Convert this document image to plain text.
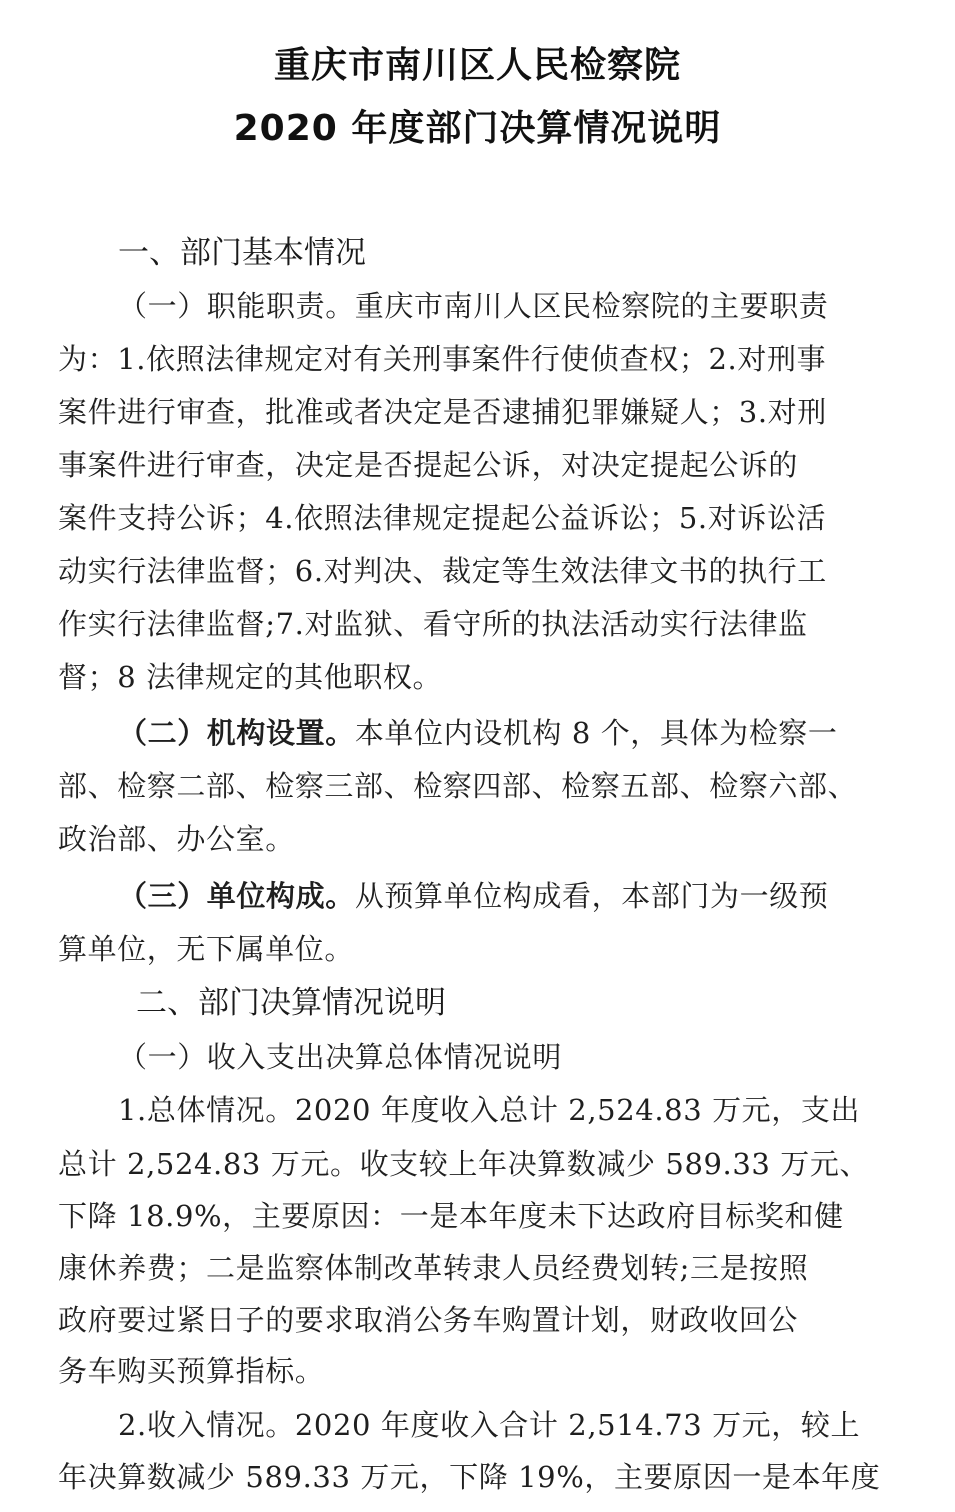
重庆市南川区人民检察院
2020 年度部门决算情况说明
一、部门基本情况
（一）职能职责。重庆市南川人区民检察院的主要职责
为：1.依照法律规定对有关刑事案件行使侦查权；2.对刑事
案件进行审查，批准或者决定是否逮捕犯罪嫌疑人；3.对刑
事案件进行审查，决定是否提起公诉，对决定提起公诉的
案件支持公诉；4.依照法律规定提起公益诉讼；5.对诉讼活
动实行法律监督；6.对判决、裁定等生效法律文书的执行工
作实行法律监督;7.对监狱、看守所的执法活动实行法律监
督；8 法律规定的其他职权。
（二）机构设置。本单位内设机构 8 个，具体为检察一
部、检察二部、检察三部、检察四部、检察五部、检察六部、
政治部、办公室。
（三）单位构成。从预算单位构成看，本部门为一级预
算单位，无下属单位。
二、部门决算情况说明
（一）收入支出决算总体情况说明
1.总体情况。2020 年度收入总计 2,524.83 万元，支出
总计 2,524.83 万元。收支较上年决算数减少 589.33 万元、
下降 18.9%，主要原因：一是本年度未下达政府目标奖和健
康休养费；二是监察体制改革转隶人员经费划转;三是按照
政府要过紧日子的要求取消公务车购置计划，财政收回公
务车购买预算指标。
2.收入情况。2020 年度收入合计 2,514.73 万元，较上
年决算数减少 589.33 万元，下降 19%，主要原因一是本年度
